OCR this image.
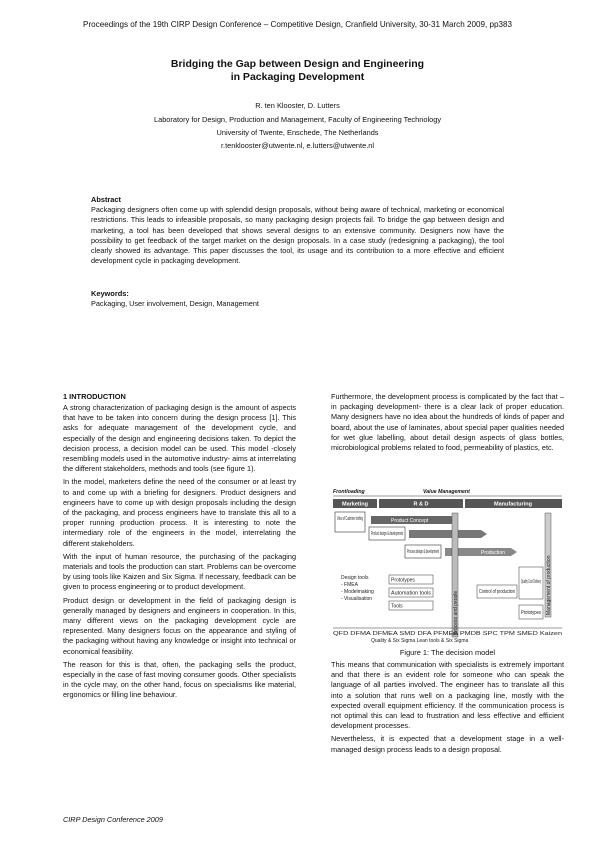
Proceedings of the 19th CIRP Design Conference – Competitive Design, Cranfield University, 30-31 March 2009, pp383
Bridging the Gap between Design and Engineering
in Packaging Development
R. ten Klooster, D. Lutters
Laboratory for Design, Production and Management, Faculty of Engineering Technology
University of Twente, Enschede, The Netherlands
r.tenklooster@utwente.nl, e.lutters@utwente.nl
Abstract

Packaging designers often come up with splendid design proposals, without being aware of technical, marketing or economical restrictions. This leads to infeasible proposals, so many packaging design projects fail. To bridge the gap between design and marketing, a tool has been developed that shows several designs to an extensive community. Designers now have the possibility to get feedback of the target market on the design proposals. In a case study (redesigning a packaging), the tool clearly showed its advantage. This paper discusses the tool, its usage and its contribution to a more effective and efficient development cycle in packaging development.

Keywords:
Packaging, User involvement, Design, Management
1 INTRODUCTION

A strong characterization of packaging design is the amount of aspects that have to be taken into concern during the design process [1]. This asks for adequate management of the development cycle, and especially of the design and engineering decisions taken. To depict the decision process, a decision model can be used. This model -closely resembling models used in the automotive industry- aims at interrelating the different stakeholders, methods and tools (see figure 1).

In the model, marketers define the need of the consumer or at least try to and come up with a briefing for designers. Product designers and engineers have to come up with design proposals including the design of the packaging, and process engineers have to translate this all to a proper running production process. It is interesting to note the intermediary role of the engineers in the model, interrelating the different stakeholders.

With the input of human resource, the purchasing of the packaging materials and tools the production can start. Problems can be overcome by using tools like Kaizen and Six Sigma. If necessary, feedback can be given to process engineering or to product development.

Product design or development in the field of packaging design is generally managed by designers and engineers in cooperation. In this, many different views on the packaging development cycle are represented. Many designers focus on the appearance and styling of the packaging without having any knowledge or insight into technical or economical feasibility.

The reason for this is that, often, the packaging sells the product, especially in the case of fast moving consumer goods. Other specialists in the cycle may, on the other hand, focus on specialisms like material, ergonomics or filling line behaviour.

Furthermore, the development process is complicated by the fact that –in packaging development- there is a clear lack of proper education. Many designers have no idea about the hundreds of kinds of paper and board, about the use of laminates, about special paper qualities needed for wet glue labelling, about detail design aspects of glass bottles, microbiological problems related to food, permeability of plastics, etc.

Frontloading	Value Management
Marketing	R & D	Manufacturing
Voice of Customer briefing	Product Concept
Product design & development
Process design & development	Production
Process and people	Management of production
Design tools
- FMEA
- Modelmaking
- Visualisation
Prototypes
Automation tools
Tools
Control of production
Quality Cost Delivery
Prototypes
QFD DFMA DFMEA SMD DFA PFMEA PMDB SPC TPM SMED Kaizen
Quality & Six Sigma Lean tools & Six Sigma
Figure 1: The decision model

This means that communication with specialists is extremely important and that there is an evident role for someone who can speak the language of all parties involved. The engineer has to translate all this into a solution that runs well on a packaging line, mostly with the expected overall equipment efficiency. If the communication process is not optimal this can lead to frustration and less effective and efficient development processes.

Nevertheless, it is expected that a development stage in a well-managed design process leads to a design proposal.

CIRP Design Conference 2009
